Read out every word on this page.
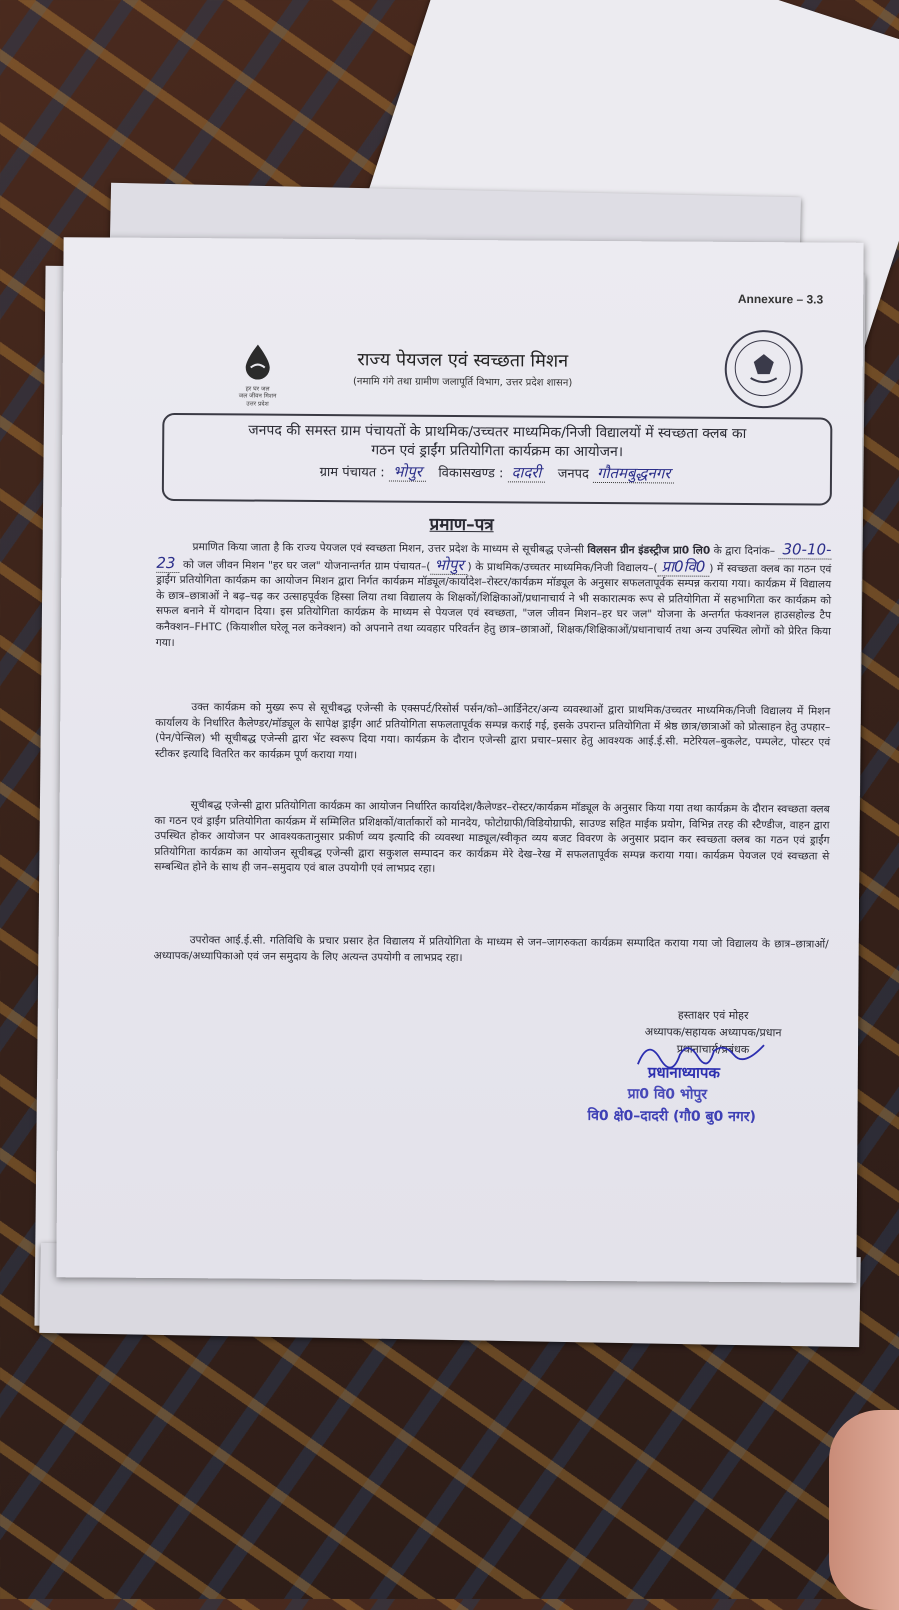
Annexure – 3.3
हर घर जल
जल जीवन मिशन
उत्तर प्रदेश
राज्य पेयजल एवं स्वच्छता मिशन
(नमामि गंगे तथा ग्रामीण जलापूर्ति विभाग, उत्तर प्रदेश शासन)
जनपद की समस्त ग्राम पंचायतों के प्राथमिक/उच्चतर माध्यमिक/निजी विद्यालयों में स्वच्छता क्लब का
गठन एवं ड्राईंग प्रतियोगिता कार्यक्रम का आयोजन।
ग्राम पंचायत : भोपुर विकासखण्ड : दादरी जनपद गौतमबुद्धनगर
प्रमाण–पत्र
प्रमाणित किया जाता है कि राज्य पेयजल एवं स्वच्छता मिशन, उत्तर प्रदेश के माध्यम से सूचीबद्ध एजेन्सी विलसन ग्रीन इंडस्ट्रीज प्रा0 लि0 के द्वारा दिनांक– 30-10-23 को जल जीवन मिशन "हर घर जल" योजनान्तर्गत ग्राम पंचायत–( भोपुर ) के प्राथमिक/उच्चतर माध्यमिक/निजी विद्यालय–( प्रा0वि0 ) में स्वच्छता क्लब का गठन एवं ड्राईंग प्रतियोगिता कार्यक्रम का आयोजन मिशन द्वारा निर्गत कार्यक्रम मॉड्यूल/कार्यादेश–रोस्टर/कार्यक्रम मॉड्यूल के अनुसार सफलतापूर्वक सम्पन्न कराया गया। कार्यक्रम में विद्यालय के छात्र–छात्राओं ने बढ़–चढ़ कर उत्साहपूर्वक हिस्सा लिया तथा विद्यालय के शिक्षकों/शिक्षिकाओं/प्रधानाचार्य ने भी सकारात्मक रूप से प्रतियोगिता में सहभागिता कर कार्यक्रम को सफल बनाने में योगदान दिया। इस प्रतियोगिता कार्यक्रम के माध्यम से पेयजल एवं स्वच्छता, "जल जीवन मिशन–हर घर जल" योजना के अन्तर्गत फंक्शनल हाउसहोल्ड टैप कनैक्शन–FHTC (कियाशील घरेलू नल कनेक्शन) को अपनाने तथा व्यवहार परिवर्तन हेतु छात्र–छात्राओं, शिक्षक/शिक्षिकाओं/प्रधानाचार्य तथा अन्य उपस्थित लोगों को प्रेरित किया गया।
उक्त कार्यक्रम को मुख्य रूप से सूचीबद्ध एजेन्सी के एक्सपर्ट/रिसोर्स पर्सन/को–आर्डिनेटर/अन्य व्यवस्थाओं द्वारा प्राथमिक/उच्चतर माध्यमिक/निजी विद्यालय में मिशन कार्यालय के निर्धारित कैलेण्डर/मॉड्यूल के सापेक्ष ड्राईंग आर्ट प्रतियोगिता सफलतापूर्वक सम्पन्न कराई गई, इसके उपरान्त प्रतियोगिता में श्रेष्ठ छात्र/छात्राओं को प्रोत्साहन हेतु उपहार–(पेन/पेन्सिल) भी सूचीबद्ध एजेन्सी द्वारा भेंट स्वरूप दिया गया। कार्यक्रम के दौरान एजेन्सी द्वारा प्रचार–प्रसार हेतु आवश्यक आई.ई.सी. मटेरियल–बुकलेट, पम्पलेट, पोस्टर एवं स्टीकर इत्यादि वितरित कर कार्यक्रम पूर्ण कराया गया।
सूचीबद्ध एजेन्सी द्वारा प्रतियोगिता कार्यक्रम का आयोजन निर्धारित कार्यादेश/कैलेण्डर–रोस्टर/कार्यक्रम मॉड्यूल के अनुसार किया गया तथा कार्यक्रम के दौरान स्वच्छता क्लब का गठन एवं ड्राईंग प्रतियोगिता कार्यक्रम में सम्मिलित प्रशिक्षकों/वार्ताकारों को मानदेय, फोटोग्राफी/विडियोग्राफी, साउण्ड सहित माईक प्रयोग, विभिन्न तरह की स्टैण्डीज, वाहन द्वारा उपस्थित होकर आयोजन पर आवश्यकतानुसार प्रकीर्ण व्यय इत्यादि की व्यवस्था माड्यूल/स्वीकृत व्यय बजट विवरण के अनुसार प्रदान कर स्वच्छता क्लब का गठन एवं ड्राईंग प्रतियोगिता कार्यक्रम का आयोजन सूचीबद्ध एजेन्सी द्वारा सकुशल सम्पादन कर कार्यक्रम मेरे देख–रेख में सफलतापूर्वक सम्पन्न कराया गया। कार्यक्रम पेयजल एवं स्वच्छता से सम्बन्धित होने के साथ ही जन–समुदाय एवं बाल उपयोगी एवं लाभप्रद रहा।
उपरोक्त आई.ई.सी. गतिविधि के प्रचार प्रसार हेत विद्यालय में प्रतियोगिता के माध्यम से जन–जागरुकता कार्यक्रम सम्पादित कराया गया जो विद्यालय के छात्र–छात्राओं/अध्यापक/अध्यापिकाओ एवं जन समुदाय के लिए अत्यन्त उपयोगी व लाभप्रद रहा।
हस्ताक्षर एवं मोहर
अध्यापक/सहायक अध्यापक/प्रधान
प्रधानाचार्य/प्रबंधक
प्रधानाध्यापक
प्रा0 वि0 भोपुर
वि0 क्षे0–दादरी (गौ0 बु0 नगर)
